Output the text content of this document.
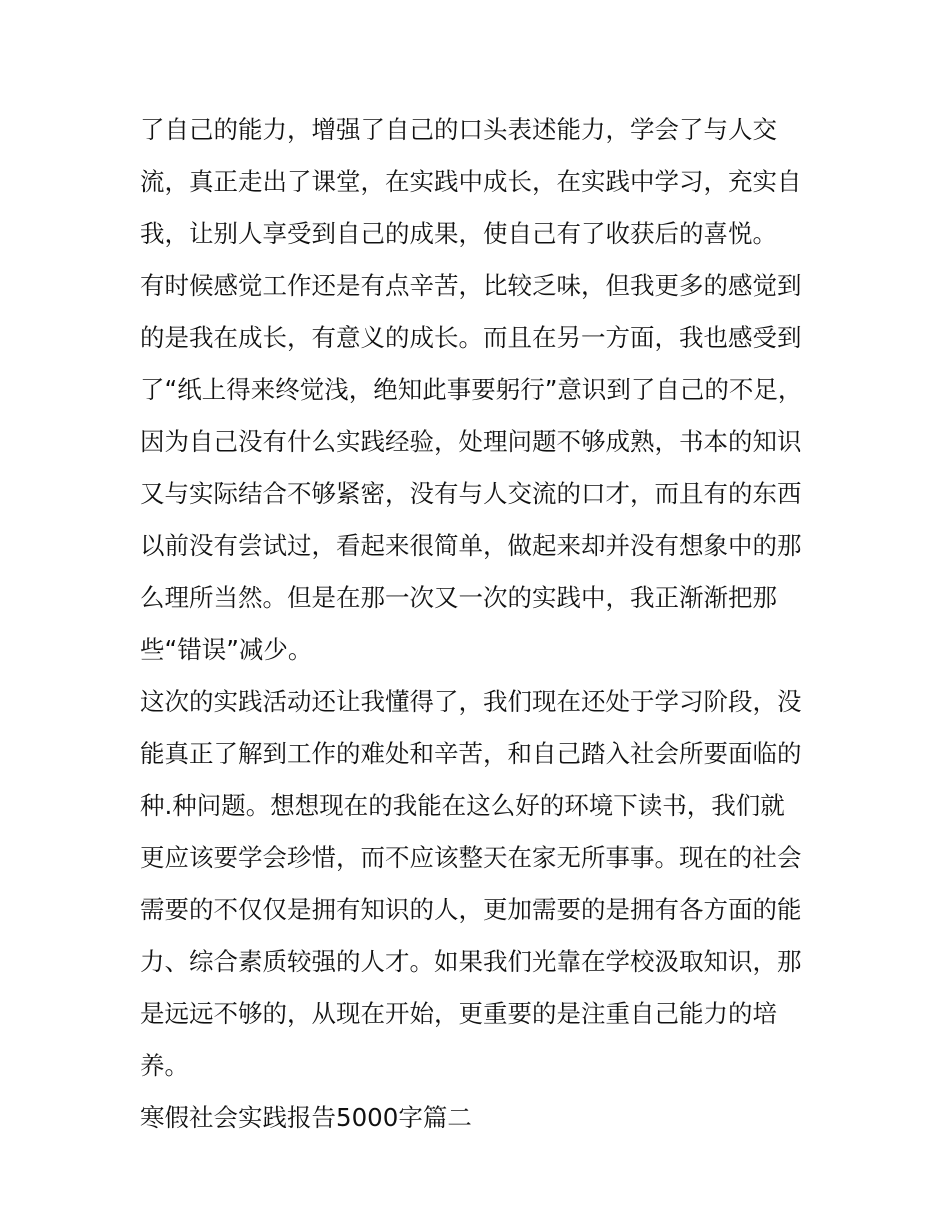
了自己的能力，增强了自己的口头表述能力，学会了与人交
流，真正走出了课堂，在实践中成长，在实践中学习，充实自
我，让别人享受到自己的成果，使自己有了收获后的喜悦。
有时候感觉工作还是有点辛苦，比较乏味，但我更多的感觉到
的是我在成长，有意义的成长。而且在另一方面，我也感受到
了“纸上得来终觉浅，绝知此事要躬行”意识到了自己的不足，
因为自己没有什么实践经验，处理问题不够成熟，书本的知识
又与实际结合不够紧密，没有与人交流的口才，而且有的东西
以前没有尝试过，看起来很简单，做起来却并没有想象中的那
么理所当然。但是在那一次又一次的实践中，我正渐渐把那
些“错误”减少。
这次的实践活动还让我懂得了，我们现在还处于学习阶段，没
能真正了解到工作的难处和辛苦，和自己踏入社会所要面临的
种.种问题。想想现在的我能在这么好的环境下读书，我们就
更应该要学会珍惜，而不应该整天在家无所事事。现在的社会
需要的不仅仅是拥有知识的人，更加需要的是拥有各方面的能
力、综合素质较强的人才。如果我们光靠在学校汲取知识，那
是远远不够的，从现在开始，更重要的是注重自己能力的培
养。
寒假社会实践报告5000字篇二
